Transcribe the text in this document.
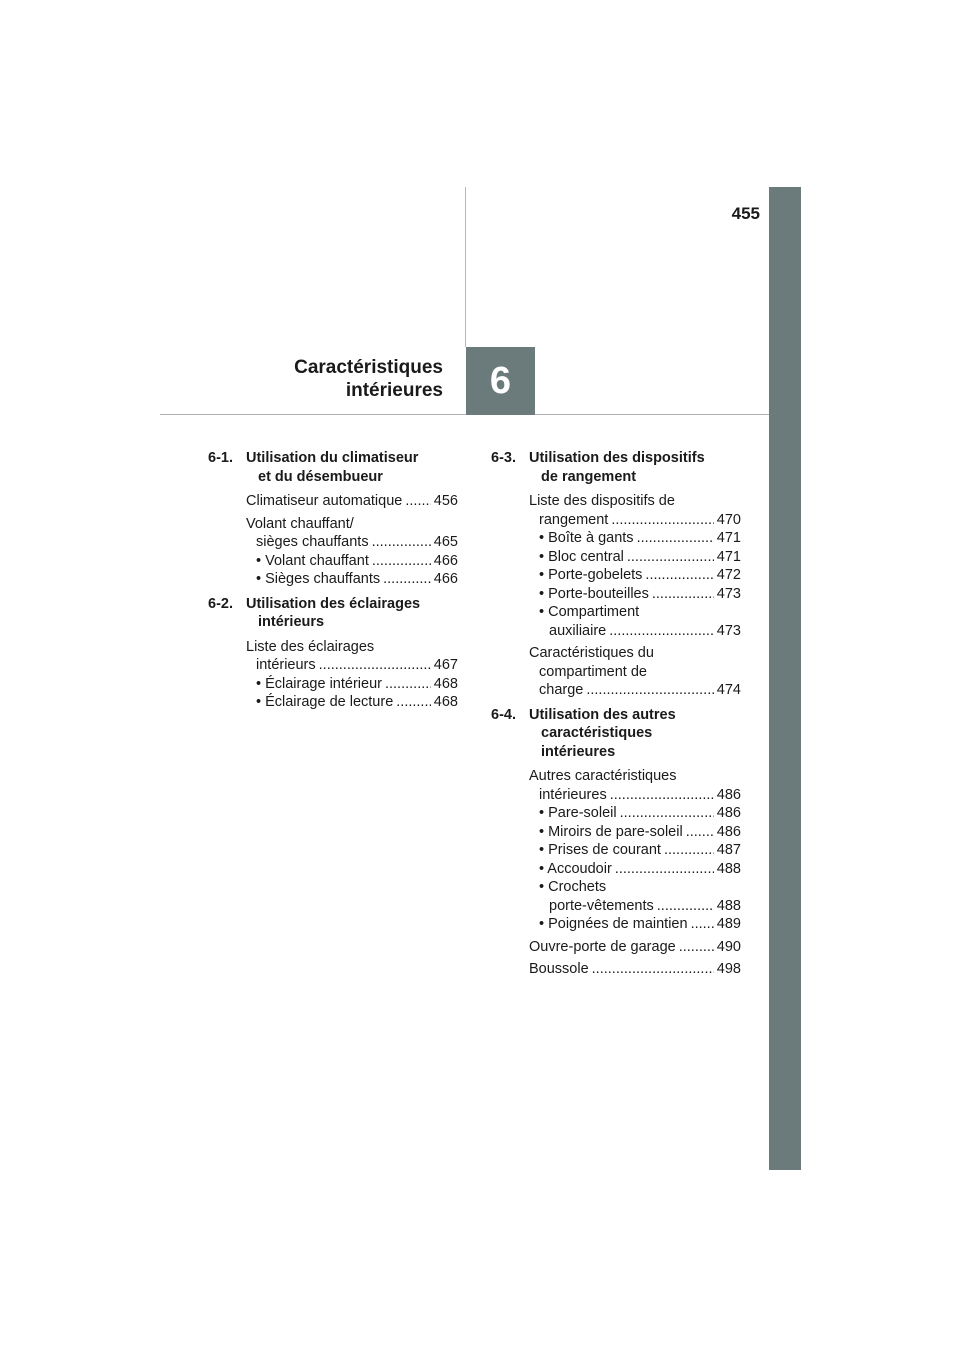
455
Caractéristiques
intérieures	6
6-1. Utilisation du climatiseur
et du désembueur
Climatiseur automatique ..... 456
Volant chauffant/
sièges chauffants .....	465
• Volant chauffant .....	466
• Sièges chauffants .....	466
6-2. Utilisation des éclairages
intérieurs
Liste des éclairages
intérieurs .....	467
• Éclairage intérieur .....	468
• Éclairage de lecture .....	468
6-3. Utilisation des dispositifs
de rangement
Liste des dispositifs de
rangement .....	470
• Boîte à gants .....	471
• Bloc central .....	471
• Porte-gobelets .....	472
• Porte-bouteilles .....	473
• Compartiment
auxiliaire .....	473
Caractéristiques du
compartiment de
charge .....	474
6-4. Utilisation des autres
caractéristiques
intérieures
Autres caractéristiques
intérieures .....	486
• Pare-soleil .....	486
• Miroirs de pare-soleil ..... 486
• Prises de courant .....	487
• Accoudoir .....	488
• Crochets
porte-vêtements .....	488
• Poignées de maintien ..... 489
Ouvre-porte de garage .....	490
Boussole .....	498
